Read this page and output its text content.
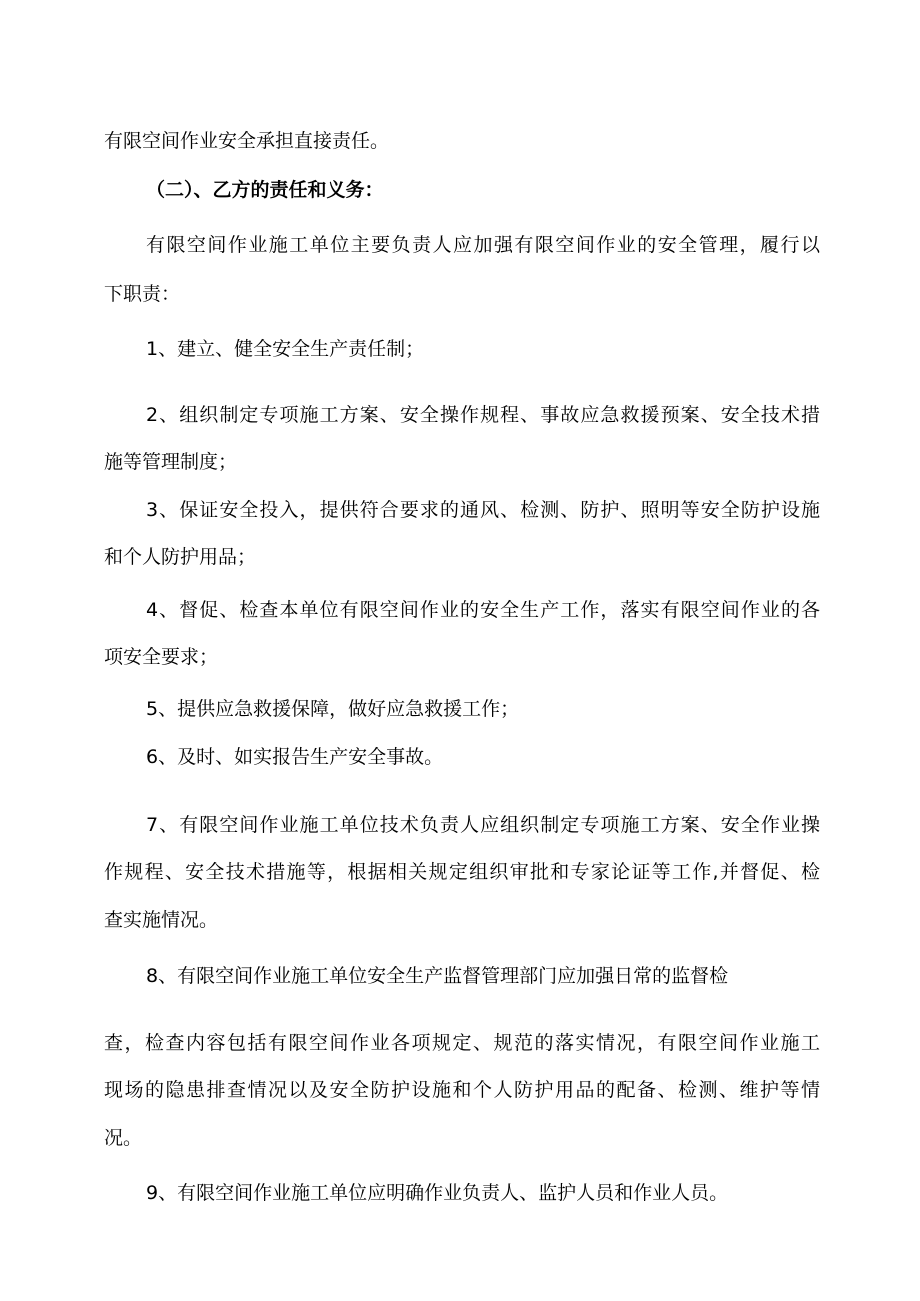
有限空间作业安全承担直接责任。
（二）、乙方的责任和义务：
有限空间作业施工单位主要负责人应加强有限空间作业的安全管理，履行以
下职责：
1、建立、健全安全生产责任制；
2、组织制定专项施工方案、安全操作规程、事故应急救援预案、安全技术措
施等管理制度；
3、保证安全投入，提供符合要求的通风、检测、防护、照明等安全防护设施
和个人防护用品；
4、督促、检查本单位有限空间作业的安全生产工作，落实有限空间作业的各
项安全要求；
5、提供应急救援保障，做好应急救援工作；
6、及时、如实报告生产安全事故。
7、有限空间作业施工单位技术负责人应组织制定专项施工方案、安全作业操
作规程、安全技术措施等，根据相关规定组织审批和专家论证等工作,并督促、检
查实施情况。
8、有限空间作业施工单位安全生产监督管理部门应加强日常的监督检
查，检查内容包括有限空间作业各项规定、规范的落实情况，有限空间作业施工
现场的隐患排查情况以及安全防护设施和个人防护用品的配备、检测、维护等情
况。
9、有限空间作业施工单位应明确作业负责人、监护人员和作业人员。
